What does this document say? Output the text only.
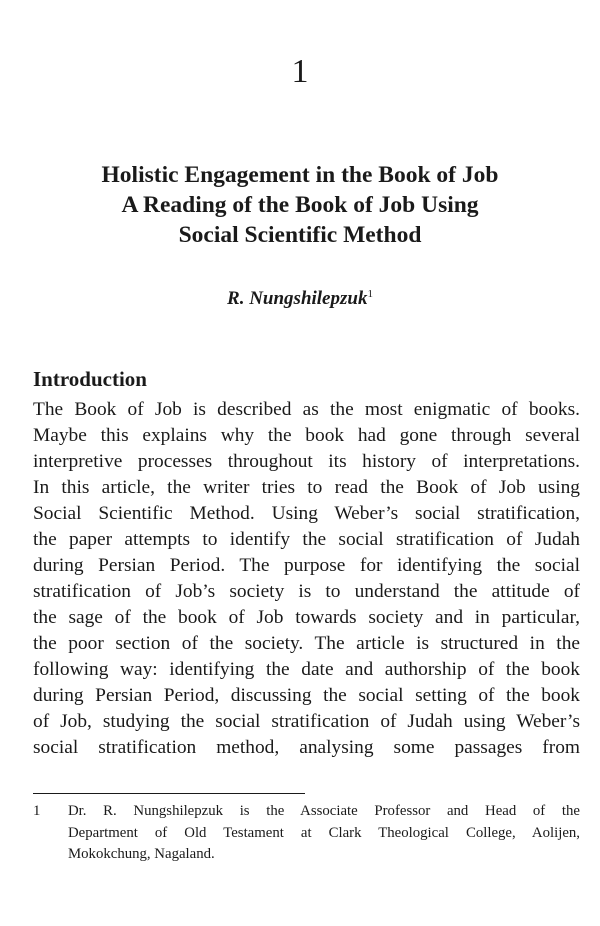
1
Holistic Engagement in the Book of Job
A Reading of the Book of Job Using
Social Scientific Method
R. Nungshilepzuk$^1$
Introduction
The Book of Job is described as the most enigmatic of books.
Maybe this explains why the book had gone through several
interpretive processes throughout its history of interpretations.
In this article, the writer tries to read the Book of Job using
Social Scientific Method. Using Weber’s social stratification,
the paper attempts to identify the social stratification of Judah
during Persian Period. The purpose for identifying the social
stratification of Job’s society is to understand the attitude of
the sage of the book of Job towards society and in particular,
the poor section of the society. The article is structured in the
following way: identifying the date and authorship of the book
during Persian Period, discussing the social setting of the book
of Job, studying the social stratification of Judah using Weber’s
social stratification method, analysing some passages from
1 Dr. R. Nungshilepzuk is the Associate Professor and Head of the
Department of Old Testament at Clark Theological College, Aolijen,
Mokokchung, Nagaland.
